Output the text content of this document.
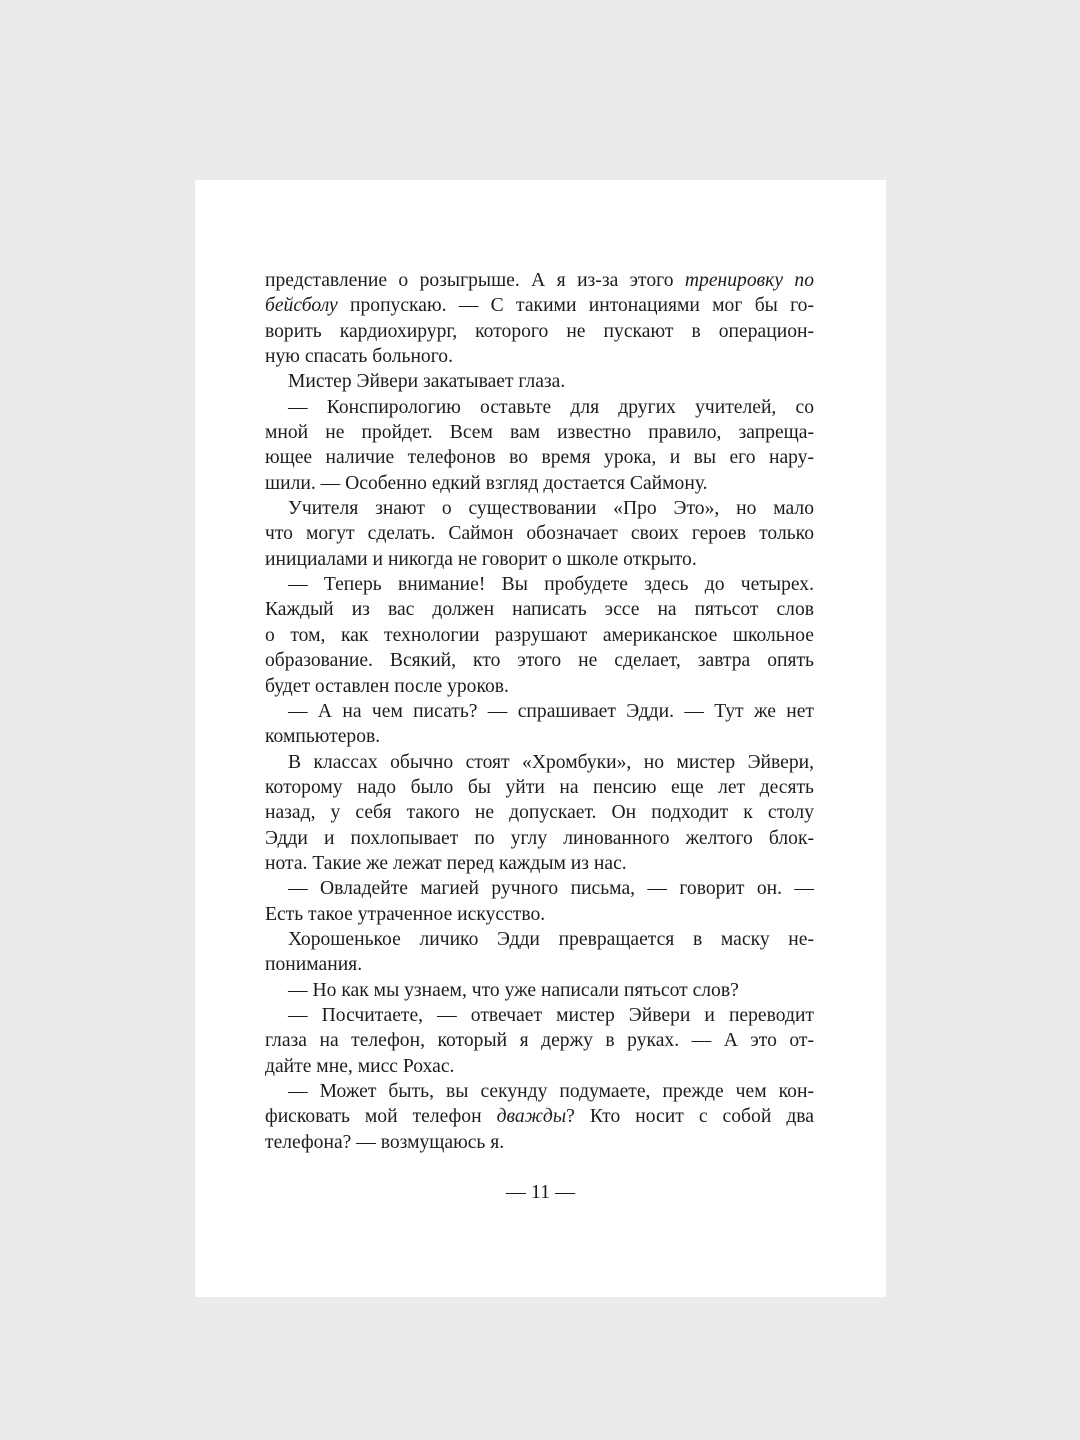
представление о розыгрыше. А я из-за этого тренировку по
бейсболу пропускаю. — С такими интонациями мог бы го-
ворить кардиохирург, которого не пускают в операцион-
ную спасать больного.
Мистер Эйвери закатывает глаза.
— Конспирологию оставьте для других учителей, со
мной не пройдет. Всем вам известно правило, запреща-
ющее наличие телефонов во время урока, и вы его нару-
шили. — Особенно едкий взгляд достается Саймону.
Учителя знают о существовании «Про Это», но мало
что могут сделать. Саймон обозначает своих героев только
инициалами и никогда не говорит о школе открыто.
— Теперь внимание! Вы пробудете здесь до четырех.
Каждый из вас должен написать эссе на пятьсот слов
о том, как технологии разрушают американское школьное
образование. Всякий, кто этого не сделает, завтра опять
будет оставлен после уроков.
— А на чем писать? — спрашивает Эдди. — Тут же нет
компьютеров.
В классах обычно стоят «Хромбуки», но мистер Эйвери,
которому надо было бы уйти на пенсию еще лет десять
назад, у себя такого не допускает. Он подходит к столу
Эдди и похлопывает по углу линованного желтого блок-
нота. Такие же лежат перед каждым из нас.
— Овладейте магией ручного письма, — говорит он. —
Есть такое утраченное искусство.
Хорошенькое личико Эдди превращается в маску не-
понимания.
— Но как мы узнаем, что уже написали пятьсот слов?
— Посчитаете, — отвечает мистер Эйвери и переводит
глаза на телефон, который я держу в руках. — А это от-
дайте мне, мисс Рохас.
— Может быть, вы секунду подумаете, прежде чем кон-
фисковать мой телефон дважды? Кто носит с собой два
телефона? — возмущаюсь я.
— 11 —
